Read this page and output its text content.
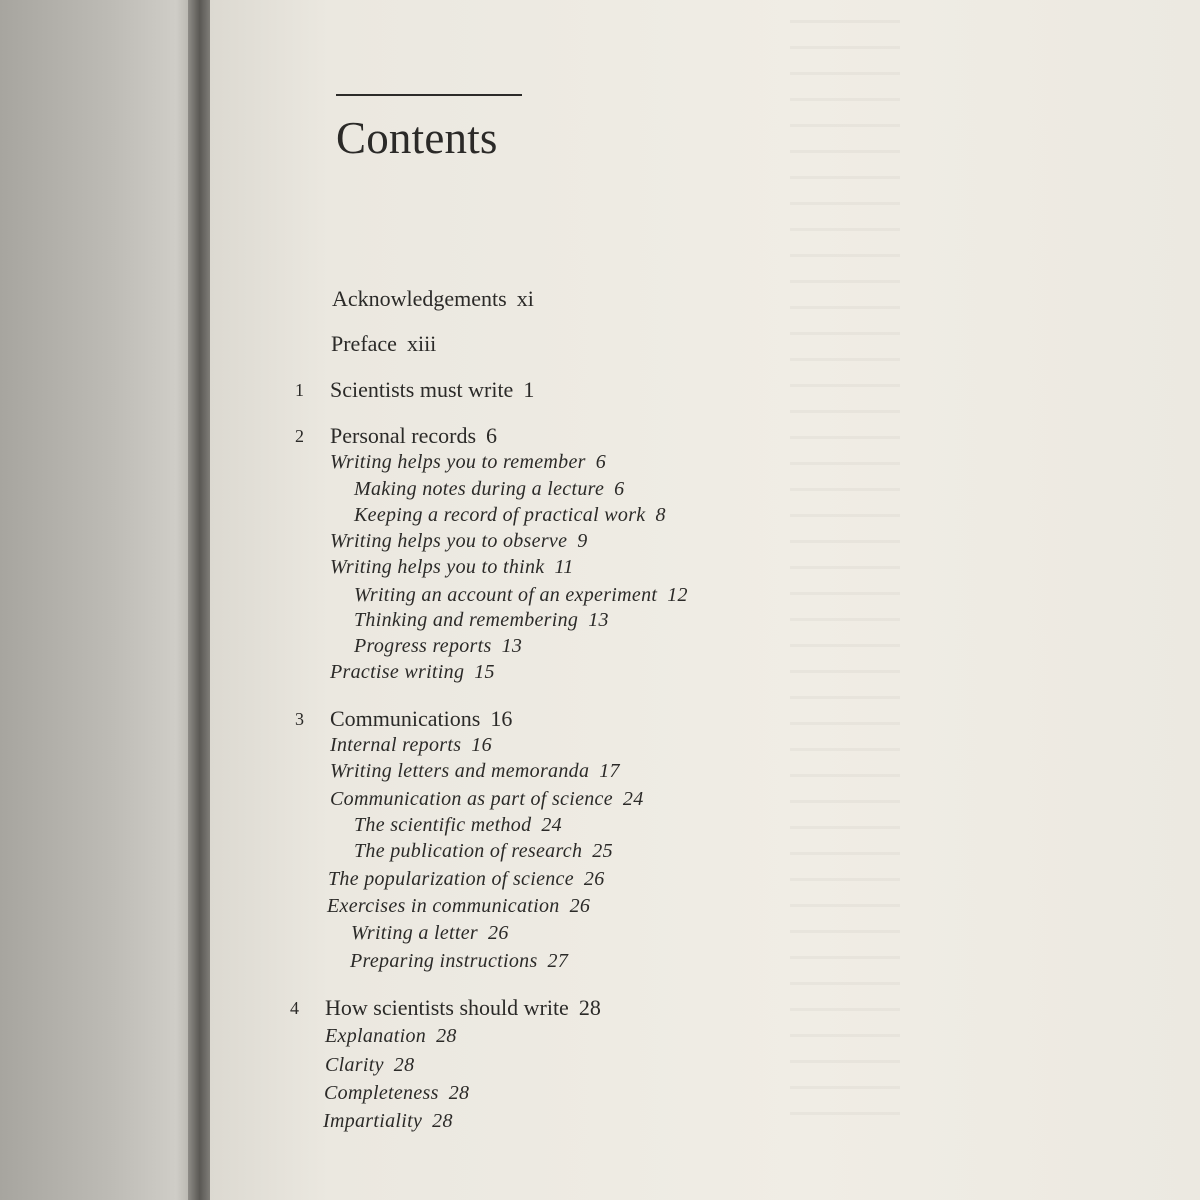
Contents
Acknowledgements xi
Preface xiii
1 Scientists must write 1
2 Personal records 6
Writing helps you to remember 6
Making notes during a lecture 6
Keeping a record of practical work 8
Writing helps you to observe 9
Writing helps you to think 11
Writing an account of an experiment 12
Thinking and remembering 13
Progress reports 13
Practise writing 15
3 Communications 16
Internal reports 16
Writing letters and memoranda 17
Communication as part of science 24
The scientific method 24
The publication of research 25
The popularization of science 26
Exercises in communication 26
Writing a letter 26
Preparing instructions 27
4 How scientists should write 28
Explanation 28
Clarity 28
Completeness 28
Impartiality 28
